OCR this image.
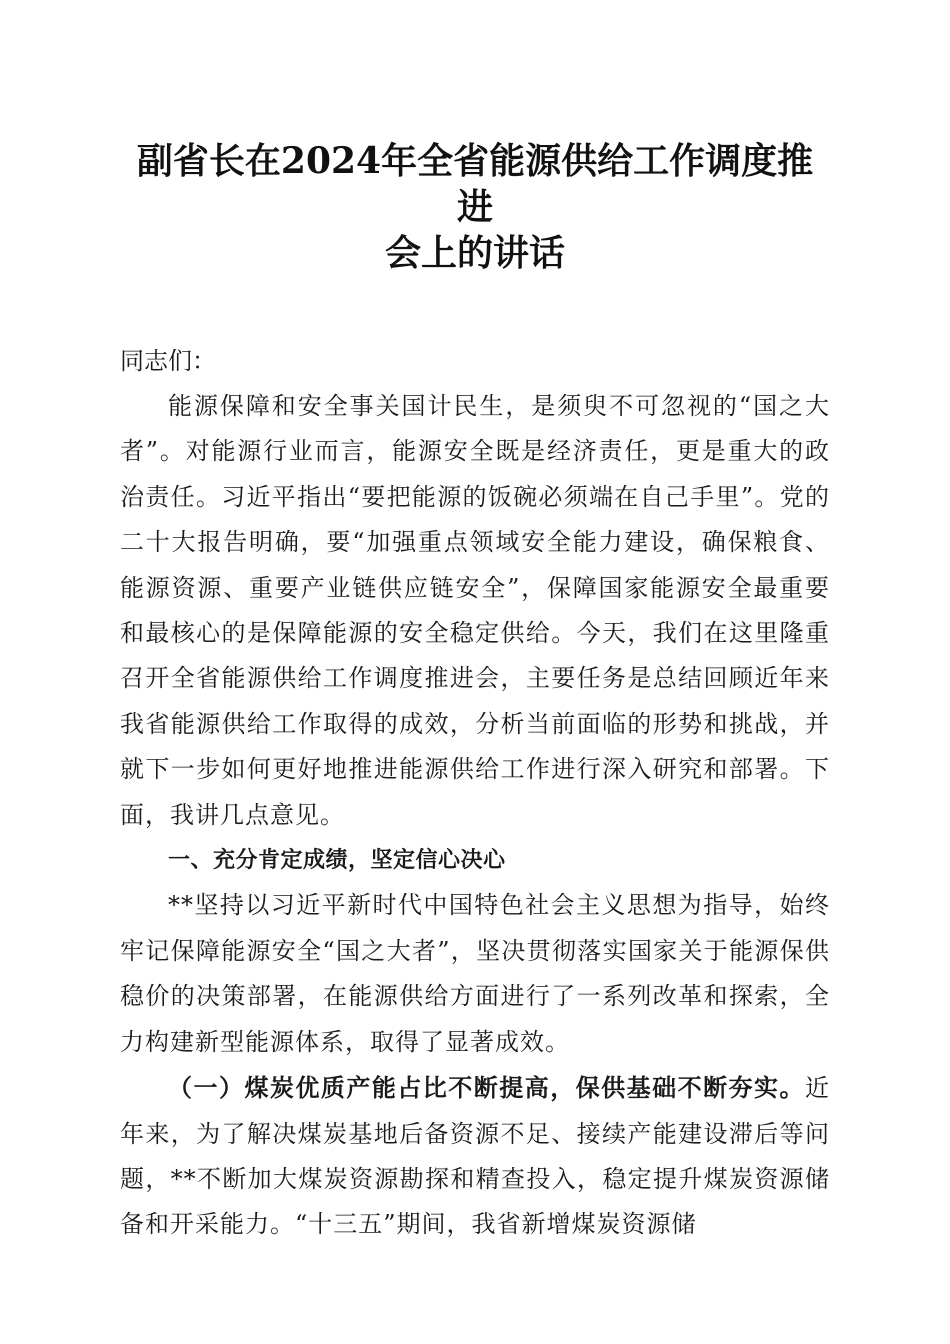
副省长在2024年全省能源供给工作调度推进
会上的讲话
同志们：

能源保障和安全事关国计民生，是须臾不可忽视的“国之大者”。对能源行业而言，能源安全既是经济责任，更是重大的政治责任。习近平指出“要把能源的饭碗必须端在自己手里”。党的二十大报告明确，要“加强重点领域安全能力建设，确保粮食、能源资源、重要产业链供应链安全”，保障国家能源安全最重要和最核心的是保障能源的安全稳定供给。今天，我们在这里隆重召开全省能源供给工作调度推进会，主要任务是总结回顾近年来我省能源供给工作取得的成效，分析当前面临的形势和挑战，并就下一步如何更好地推进能源供给工作进行深入研究和部署。下面，我讲几点意见。

一、充分肯定成绩，坚定信心决心

**坚持以习近平新时代中国特色社会主义思想为指导，始终牢记保障能源安全“国之大者”，坚决贯彻落实国家关于能源保供稳价的决策部署，在能源供给方面进行了一系列改革和探索，全力构建新型能源体系，取得了显著成效。

（一）煤炭优质产能占比不断提高，保供基础不断夯实。近年来，为了解决煤炭基地后备资源不足、接续产能建设滞后等问题，**不断加大煤炭资源勘探和精查投入，稳定提升煤炭资源储备和开采能力。“十三五”期间，我省新增煤炭资源储
